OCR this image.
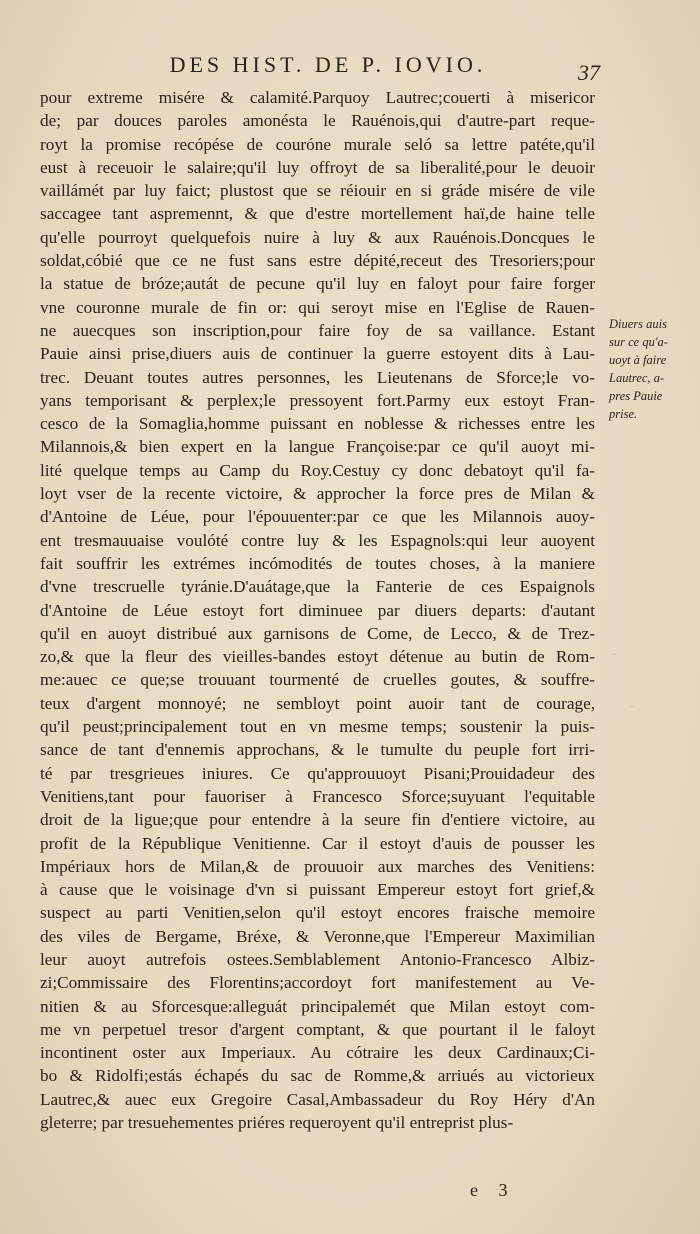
DES HIST. DE P. IOVIO.	37
pour extreme misére & calamité.Parquoy Lautrec;couerti à misericor
de; par douces paroles amonésta le Rauénois,qui d'autre-part reque-
royt la promise recópése de couróne murale seló sa lettre patéte,qu'il
eust à receuoir le salaire;qu'il luy offroyt de sa liberalité,pour le deuoir
vaillámét par luy faict; plustost que se réiouir en si gráde misére de vile
saccagee tant aspremennt, & que d'estre mortellement haï,de haine telle
qu'elle pourroyt quelquefois nuire à luy & aux Rauénois.Doncques le
soldat,cóbié que ce ne fust sans estre dépité,receut des Tresoriers;pour
la statue de bróze;autát de pecune qu'il luy en faloyt pour faire forger
vne couronne murale de fin or: qui seroyt mise en l'Eglise de Rauen-
ne auecques son inscription,pour faire foy de sa vaillance. Estant
Pauie ainsi prise,diuers auis de continuer la guerre estoyent dits à Lau-
trec. Deuant toutes autres personnes, les Lieutenans de Sforce;le vo-
yans temporisant & perplex;le pressoyent fort.Parmy eux estoyt Fran-
cesco de la Somaglia,homme puissant en noblesse & richesses entre les
Milannois,& bien expert en la langue Françoise:par ce qu'il auoyt mi-
lité quelque temps au Camp du Roy.Cestuy cy donc debatoyt qu'il fa-
loyt vser de la recente victoire, & approcher la force pres de Milan &
d'Antoine de Léue, pour l'épouuenter:par ce que les Milannois auoy-
ent tresmauuaise voulóté contre luy & les Espagnols:qui leur auoyent
fait souffrir les extrémes incómodités de toutes choses, à la maniere
d'vne trescruelle tyránie.D'auátage,que la Fanterie de ces Espaignols
d'Antoine de Léue estoyt fort diminuee par diuers departs: d'autant
qu'il en auoyt distribué aux garnisons de Come, de Lecco, & de Trez-
zo,& que la fleur des vieilles-bandes estoyt détenue au butin de Rom-
me:auec ce que;se trouuant tourmenté de cruelles goutes, & souffre-
teux d'argent monnoyé; ne sembloyt point auoir tant de courage,
qu'il peust;principalement tout en vn mesme temps; soustenir la puis-
sance de tant d'ennemis approchans, & le tumulte du peuple fort irri-
té par tresgrieues iniures. Ce qu'approuuoyt Pisani;Prouidadeur des
Venitiens,tant pour fauoriser à Francesco Sforce;suyuant l'equitable
droit de la ligue;que pour entendre à la seure fin d'entiere victoire, au
profit de la République Venitienne. Car il estoyt d'auis de pousser les
Impériaux hors de Milan,& de prouuoir aux marches des Venitiens:
à cause que le voisinage d'vn si puissant Empereur estoyt fort grief,&
suspect au parti Venitien,selon qu'il estoyt encores fraische memoire
des viles de Bergame, Bréxe, & Veronne,que l'Empereur Maximilian
leur auoyt autrefois ostees.Semblablement Antonio-Francesco Albiz-
zi;Commissaire des Florentins;accordoyt fort manifestement au Ve-
nitien & au Sforcesque:alleguát principalemét que Milan estoyt com-
me vn perpetuel tresor d'argent comptant, & que pourtant il le faloyt
incontinent oster aux Imperiaux. Au cótraire les deux Cardinaux;Ci-
bo & Ridolfi;estás échapés du sac de Romme,& arriués au victorieux
Lautrec,& auec eux Gregoire Casal,Ambassadeur du Roy Héry d'An
gleterre; par tresuehementes priéres requeroyent qu'il entreprist plus-
Diuers auis
sur ce qu'a-
uoyt à faire
Lautrec, a-
pres Pauie
prise.
-
-
e 3
